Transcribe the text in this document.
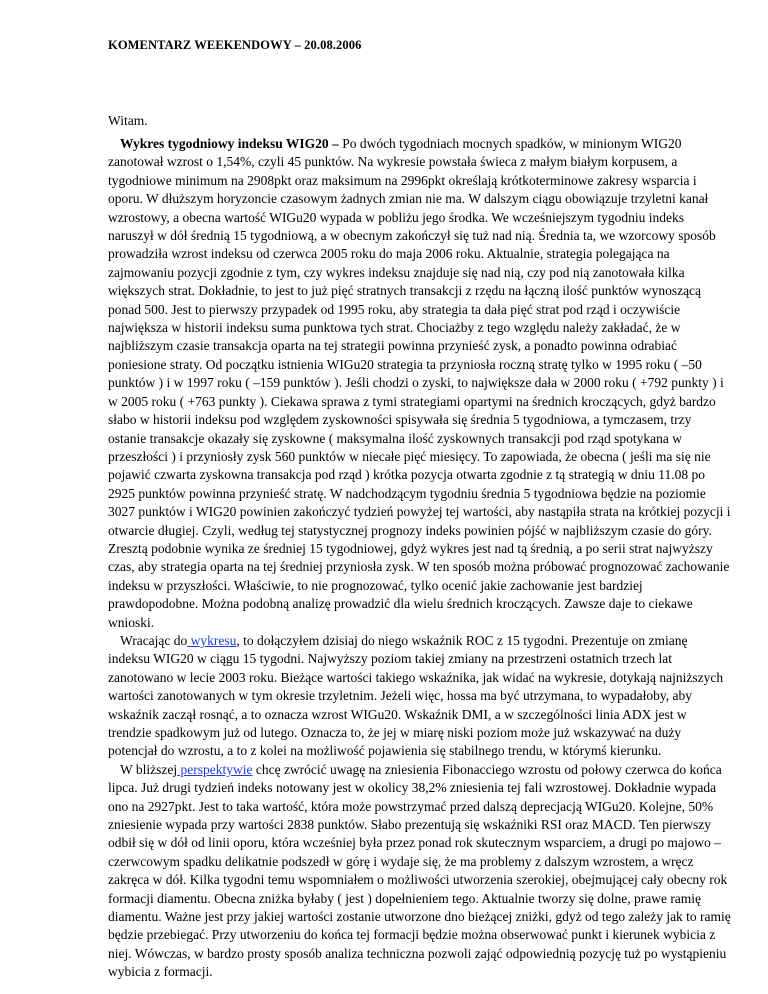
KOMENTARZ WEEKENDOWY – 20.08.2006

Witam.

Wykres tygodniowy indeksu WIG20 – Po dwóch tygodniach mocnych spadków, w minionym WIG20 zanotował wzrost o 1,54%, czyli 45 punktów. Na wykresie powstała świeca z małym białym korpusem, a tygodniowe minimum na 2908pkt oraz maksimum na 2996pkt określają krótkoterminowe zakresy wsparcia i oporu. W dłuższym horyzoncie czasowym żadnych zmian nie ma. W dalszym ciągu obowiązuje trzyletni kanał wzrostowy, a obecna wartość WIGu20 wypada w pobliżu jego środka. We wcześniejszym tygodniu indeks naruszył w dół średnią 15 tygodniową, a w obecnym zakończył się tuż nad nią. Średnia ta, we wzorcowy sposób prowadziła wzrost indeksu od czerwca 2005 roku do maja 2006 roku. Aktualnie, strategia polegająca na zajmowaniu pozycji zgodnie z tym, czy wykres indeksu znajduje się nad nią, czy pod nią zanotowała kilka większych strat. Dokładnie, to jest to już pięć stratnych transakcji z rzędu na łączną ilość punktów wynoszącą ponad 500. Jest to pierwszy przypadek od 1995 roku, aby strategia ta dała pięć strat pod rząd i oczywiście największa w historii indeksu suma punktowa tych strat. Chociażby z tego względu należy zakładać, że w najbliższym czasie transakcja oparta na tej strategii powinna przynieść zysk, a ponadto powinna odrabiać poniesione straty. Od początku istnienia WIGu20 strategia ta przyniosła roczną stratę tylko w 1995 roku ( –50 punktów ) i w 1997 roku ( –159 punktów ). Jeśli chodzi o zyski, to największe dała w 2000 roku ( +792 punkty ) i w 2005 roku ( +763 punkty ). Ciekawa sprawa z tymi strategiami opartymi na średnich kroczących, gdyż bardzo słabo w historii indeksu pod względem zyskowności spisywała się średnia 5 tygodniowa, a tymczasem, trzy ostanie transakcje okazały się zyskowne ( maksymalna ilość zyskownych transakcji pod rząd spotykana w przeszłości ) i przyniosły zysk 560 punktów w niecałe pięć miesięcy. To zapowiada, że obecna ( jeśli ma się nie pojawić czwarta zyskowna transakcja pod rząd ) krótka pozycja otwarta zgodnie z tą strategią w dniu 11.08 po 2925 punktów powinna przynieść stratę. W nadchodzącym tygodniu średnia 5 tygodniowa będzie na poziomie 3027 punktów i WIG20 powinien zakończyć tydzień powyżej tej wartości, aby nastąpiła strata na krótkiej pozycji i otwarcie długiej. Czyli, według tej statystycznej prognozy indeks powinien pójść w najbliższym czasie do góry. Zresztą podobnie wynika ze średniej 15 tygodniowej, gdyż wykres jest nad tą średnią, a po serii strat najwyższy czas, aby strategia oparta na tej średniej przyniosła zysk. W ten sposób można próbować prognozować zachowanie indeksu w przyszłości. Właściwie, to nie prognozować, tylko ocenić jakie zachowanie jest bardziej prawdopodobne. Można podobną analizę prowadzić dla wielu średnich kroczących. Zawsze daje to ciekawe wnioski.

Wracając do wykresu, to dołączyłem dzisiaj do niego wskaźnik ROC z 15 tygodni. Prezentuje on zmianę indeksu WIG20 w ciągu 15 tygodni. Najwyższy poziom takiej zmiany na przestrzeni ostatnich trzech lat zanotowano w lecie 2003 roku. Bieżące wartości takiego wskaźnika, jak widać na wykresie, dotykają najniższych wartości zanotowanych w tym okresie trzyletnim. Jeżeli więc, hossa ma być utrzymana, to wypadałoby, aby wskaźnik zaczął rosnąć, a to oznacza wzrost WIGu20. Wskaźnik DMI, a w szczególności linia ADX jest w trendzie spadkowym już od lutego. Oznacza to, że jej w miarę niski poziom może już wskazywać na duży potencjał do wzrostu, a to z kolei na możliwość pojawienia się stabilnego trendu, w którymś kierunku.

W bliższej perspektywie chcę zwrócić uwagę na zniesienia Fibonacciego wzrostu od połowy czerwca do końca lipca. Już drugi tydzień indeks notowany jest w okolicy 38,2% zniesienia tej fali wzrostowej. Dokładnie wypada ono na 2927pkt. Jest to taka wartość, która może powstrzymać przed dalszą deprecjacją WIGu20. Kolejne, 50% zniesienie wypada przy wartości 2838 punktów. Słabo prezentują się wskaźniki RSI oraz MACD. Ten pierwszy odbił się w dół od linii oporu, która wcześniej była przez ponad rok skutecznym wsparciem, a drugi po majowo – czerwcowym spadku delikatnie podszedł w górę i wydaje się, że ma problemy z dalszym wzrostem, a wręcz zakręca w dół. Kilka tygodni temu wspomniałem o możliwości utworzenia szerokiej, obejmującej cały obecny rok formacji diamentu. Obecna zniżka byłaby ( jest ) dopełnieniem tego. Aktualnie tworzy się dolne, prawe ramię diamentu. Ważne jest przy jakiej wartości zostanie utworzone dno bieżącej zniżki, gdyż od tego zależy jak to ramię będzie przebiegać. Przy utworzeniu do końca tej formacji będzie można obserwować punkt i kierunek wybicia z niej. Wówczas, w bardzo prosty sposób analiza techniczna pozwoli zająć odpowiednią pozycję tuż po wystąpieniu wybicia z formacji.
